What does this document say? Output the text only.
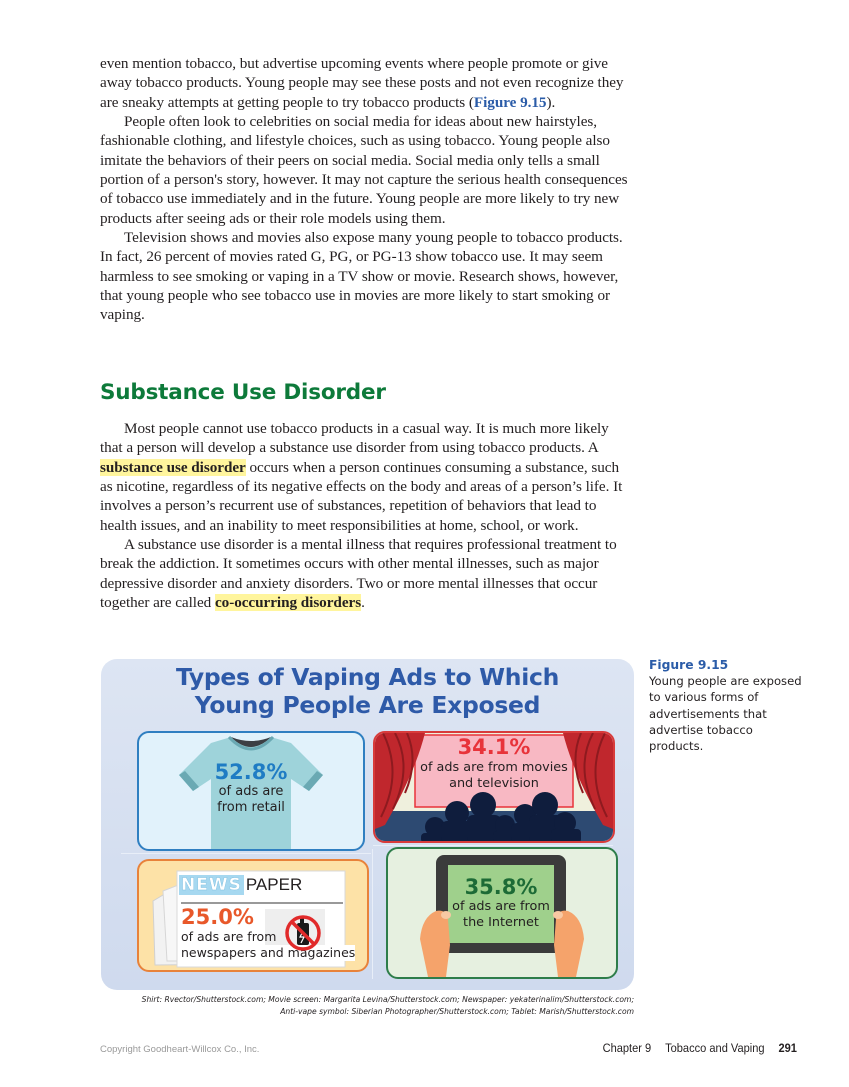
even mention tobacco, but advertise upcoming events where people promote or give away tobacco products. Young people may see these posts and not even recognize they are sneaky attempts at getting people to try tobacco products (Figure 9.15).

People often look to celebrities on social media for ideas about new hairstyles, fashionable clothing, and lifestyle choices, such as using tobacco. Young people also imitate the behaviors of their peers on social media. Social media only tells a small portion of a person's story, however. It may not capture the serious health consequences of tobacco use immediately and in the future. Young people are more likely to try new products after seeing ads or their role models using them.

Television shows and movies also expose many young people to tobacco products. In fact, 26 percent of movies rated G, PG, or PG-13 show tobacco use. It may seem harmless to see smoking or vaping in a TV show or movie. Research shows, however, that young people who see tobacco use in movies are more likely to start smoking or vaping.

Substance Use Disorder

Most people cannot use tobacco products in a casual way. It is much more likely that a person will develop a substance use disorder from using tobacco products. A substance use disorder occurs when a person continues consuming a substance, such as nicotine, regardless of its negative effects on the body and areas of a person’s life. It involves a person’s recurrent use of substances, repetition of behaviors that lead to health issues, and an inability to meet responsibilities at home, school, or work.

A substance use disorder is a mental illness that requires professional treatment to break the addiction. It sometimes occurs with other mental illnesses, such as major depressive disorder and anxiety disorders. Two or more mental illnesses that occur together are called co-occurring disorders.

Types of Vaping Ads to Which
Young People Are Exposed
52.8%
of ads are
from retail
34.1%
of ads are from movies
and television
NEWS PAPER
25.0%
of ads are from
newspapers and magazines
35.8%
of ads are from
the Internet
Shirt: Rvector/Shutterstock.com; Movie screen: Margarita Levina/Shutterstock.com; Newspaper: yekaterinalim/Shutterstock.com;
Anti-vape symbol: Siberian Photographer/Shutterstock.com; Tablet: Marish/Shutterstock.com
Figure 9.15
Young people are exposed to various forms of advertisements that advertise tobacco products.
Copyright Goodheart-Willcox Co., Inc.	Chapter 9 Tobacco and Vaping 291
